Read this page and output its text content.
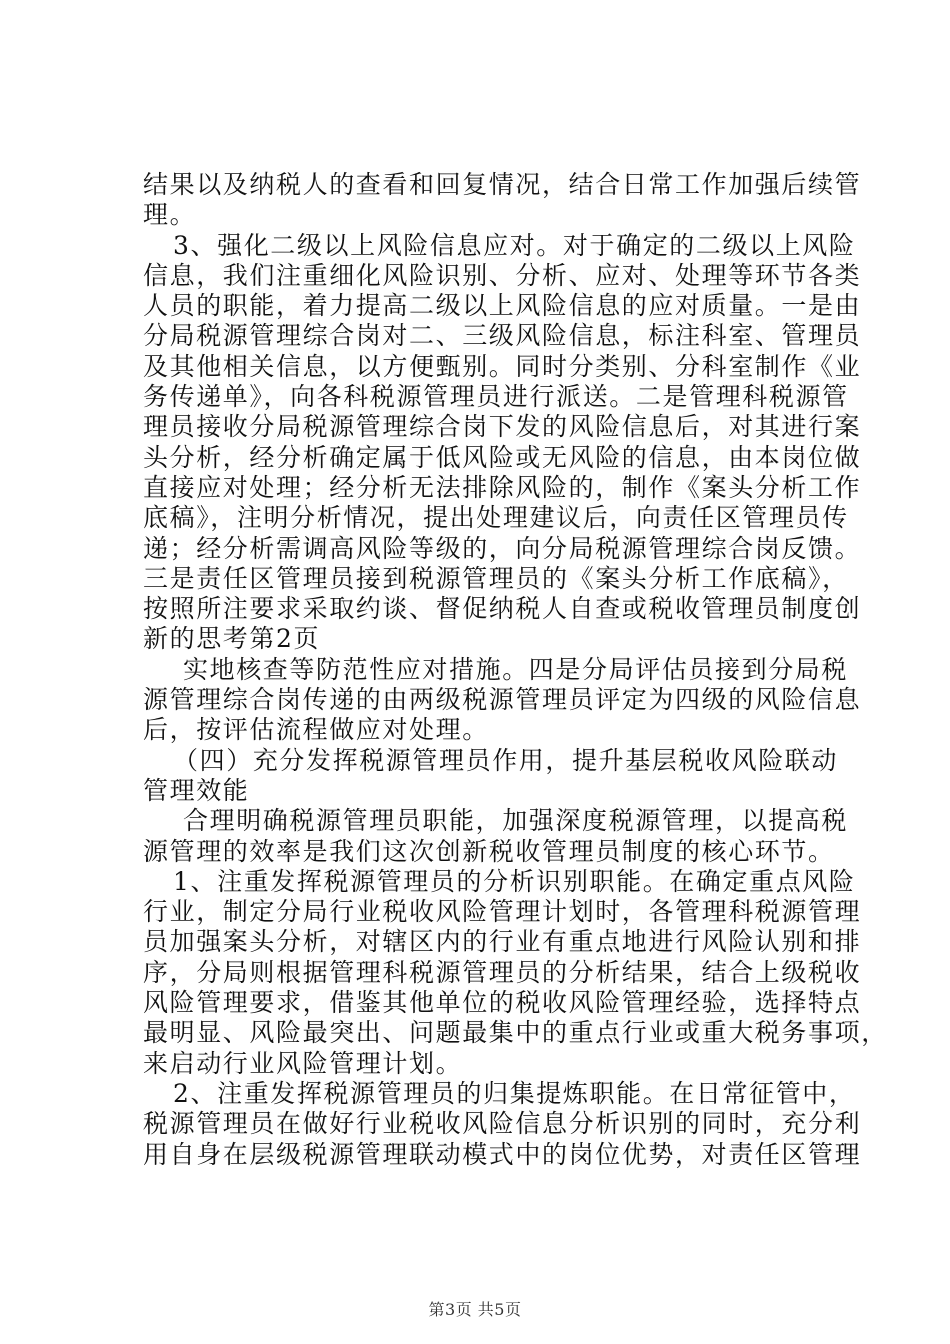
结果以及纳税人的查看和回复情况，结合日常工作加强后续管
理。
3、强化二级以上风险信息应对。对于确定的二级以上风险
信息，我们注重细化风险识别、分析、应对、处理等环节各类
人员的职能，着力提高二级以上风险信息的应对质量。一是由
分局税源管理综合岗对二、三级风险信息，标注科室、管理员
及其他相关信息，以方便甄别。同时分类别、分科室制作《业
务传递单》，向各科税源管理员进行派送。二是管理科税源管
理员接收分局税源管理综合岗下发的风险信息后，对其进行案
头分析，经分析确定属于低风险或无风险的信息，由本岗位做
直接应对处理；经分析无法排除风险的，制作《案头分析工作
底稿》，注明分析情况，提出处理建议后，向责任区管理员传
递；经分析需调高风险等级的，向分局税源管理综合岗反馈。
三是责任区管理员接到税源管理员的《案头分析工作底稿》，
按照所注要求采取约谈、督促纳税人自查或税收管理员制度创
新的思考第2页
实地核查等防范性应对措施。四是分局评估员接到分局税
源管理综合岗传递的由两级税源管理员评定为四级的风险信息
后，按评估流程做应对处理。
（四）充分发挥税源管理员作用，提升基层税收风险联动
管理效能
合理明确税源管理员职能，加强深度税源管理，以提高税
源管理的效率是我们这次创新税收管理员制度的核心环节。
1、注重发挥税源管理员的分析识别职能。在确定重点风险
行业，制定分局行业税收风险管理计划时，各管理科税源管理
员加强案头分析，对辖区内的行业有重点地进行风险认别和排
序，分局则根据管理科税源管理员的分析结果，结合上级税收
风险管理要求，借鉴其他单位的税收风险管理经验，选择特点
最明显、风险最突出、问题最集中的重点行业或重大税务事项，
来启动行业风险管理计划。
2、注重发挥税源管理员的归集提炼职能。在日常征管中，
税源管理员在做好行业税收风险信息分析识别的同时，充分利
用自身在层级税源管理联动模式中的岗位优势，对责任区管理
第3页 共5页
